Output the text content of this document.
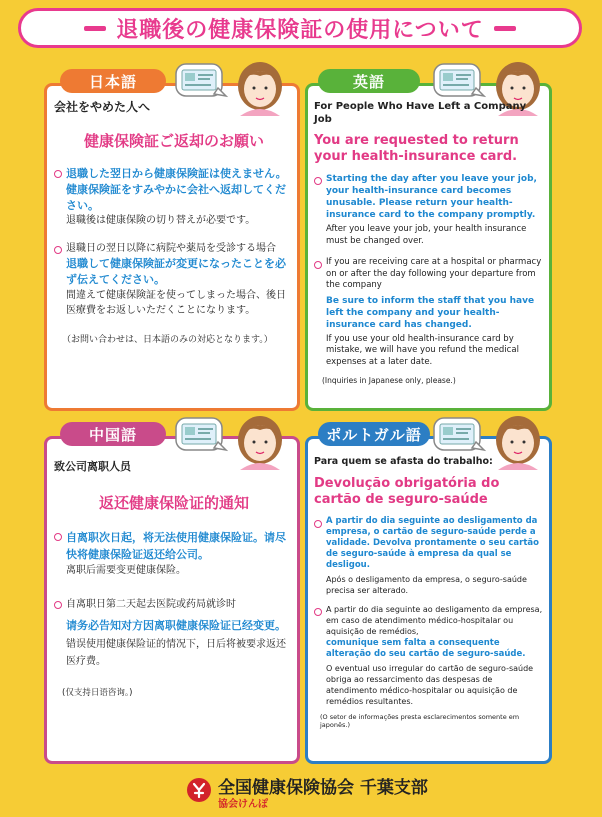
退職後の健康保険証の使用について
日本語	英語
中国語	ポルトガル語
会社をやめた人へ
健康保険証ご返却のお願い
退職した翌日から健康保険証は使えません。健康保険証をすみやかに会社へ返却してください。
退職後は健康保険の切り替えが必要です。
退職日の翌日以降に病院や薬局を受診する場合
退職して健康保険証が変更になったことを必ず伝えてください。
間違えて健康保険証を使ってしまった場合、後日医療費をお返しいただくことになります。
（お問い合わせは、日本語のみの対応となります。）
For People Who Have Left a Company Job
You are requested to return your health-insurance card.
Starting the day after you leave your job, your health-insurance card becomes unusable. Please return your health-insurance card to the company promptly.
After you leave your job, your health insurance must be changed over.
If you are receiving care at a hospital or pharmacy on or after the day following your departure from the company
Be sure to inform the staff that you have left the company and your health-insurance card has changed.
If you use your old health-insurance card by mistake, we will have you refund the medical expenses at a later date.
(Inquiries in Japanese only, please.)
致公司离职人员
返还健康保险证的通知
自离职次日起，将无法使用健康保险证。请尽快将健康保险证返还给公司。
离职后需要变更健康保险。
自离职日第二天起去医院或药局就诊时
请务必告知对方因离职健康保险证已经变更。
错误使用健康保险证的情况下，日后将被要求返还医疗费。
(仅支持日语咨询。)
Para quem se afasta do trabalho:
Devolução obrigatória do cartão de seguro-saúde
A partir do dia seguinte ao desligamento da empresa, o cartão de seguro-saúde perde a validade. Devolva prontamente o seu cartão de seguro-saúde à empresa da qual se desligou.
Após o desligamento da empresa, o seguro-saúde precisa ser alterado.
A partir do dia seguinte ao desligamento da empresa, em caso de atendimento médico-hospitalar ou aquisição de remédios,
comunique sem falta a consequente alteração do seu cartão de seguro-saúde.
O eventual uso irregular do cartão de seguro-saúde obriga ao ressarcimento das despesas de atendimento médico-hospitalar ou aquisição de remédios resultantes.
(O setor de informações presta esclarecimentos somente em japonês.)
全国健康保険協会 千葉支部
協会けんぽ
